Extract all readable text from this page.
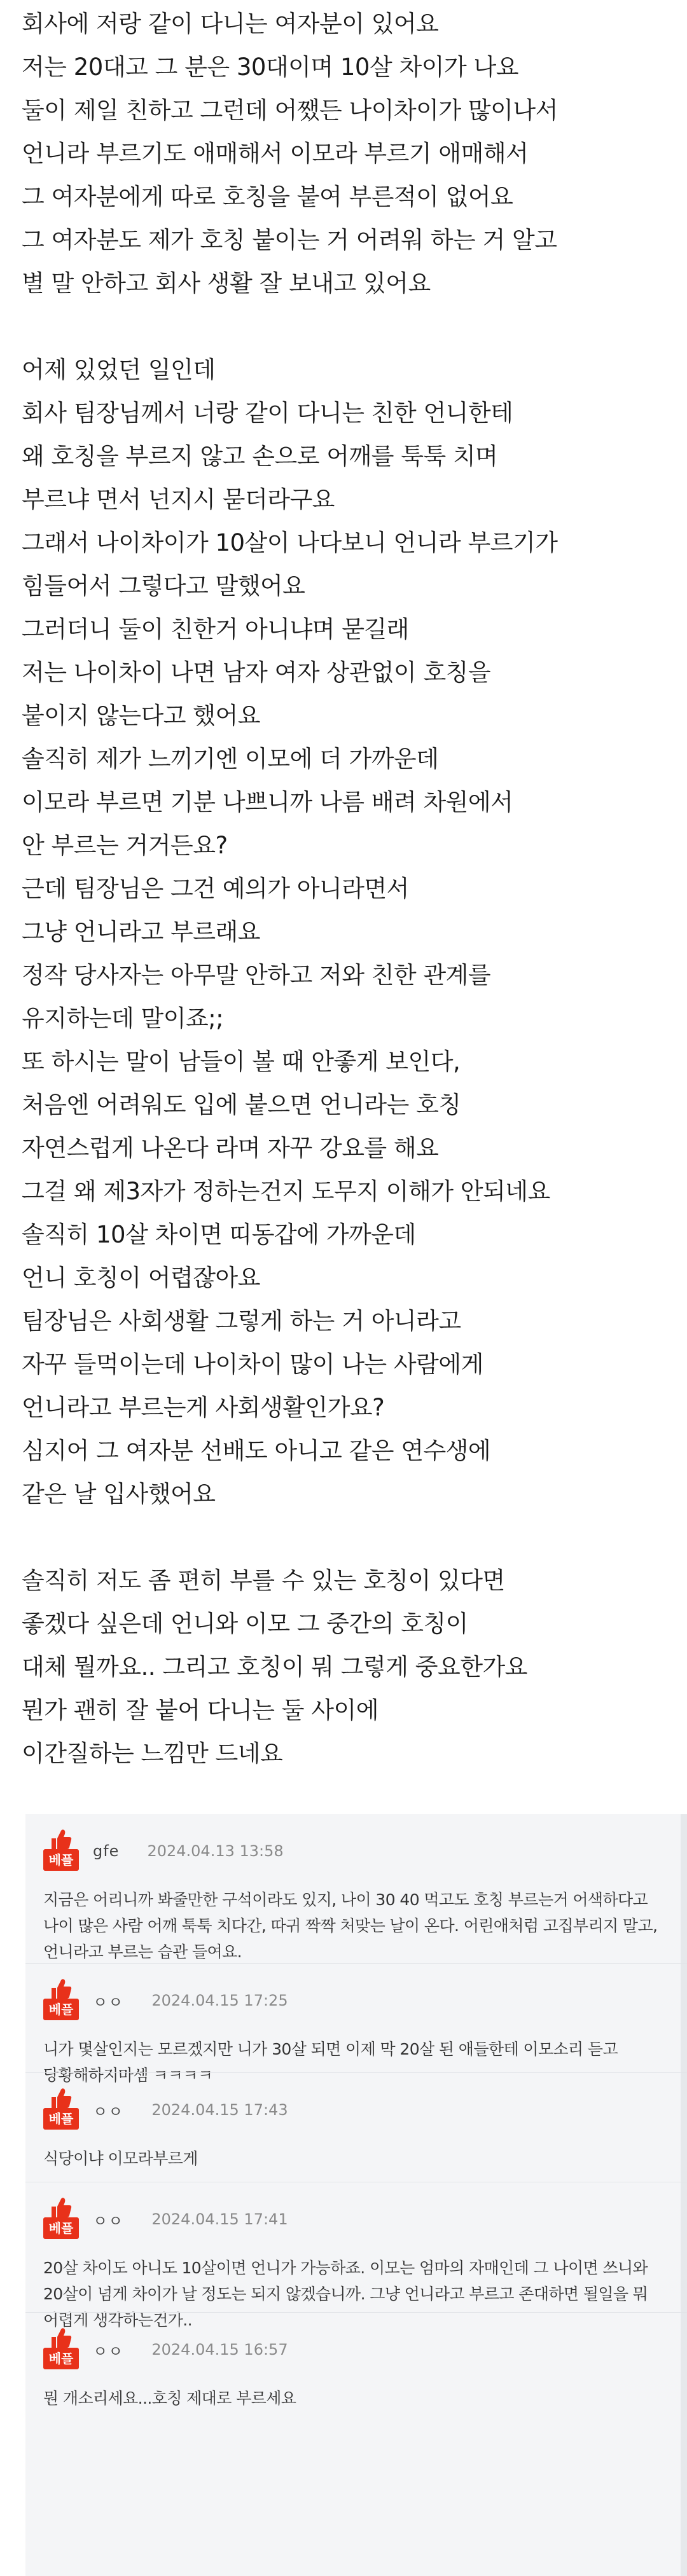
회사에 저랑 같이 다니는 여자분이 있어요

저는 20대고 그 분은 30대이며 10살 차이가 나요

둘이 제일 친하고 그런데 어쨌든 나이차이가 많이나서

언니라 부르기도 애매해서 이모라 부르기 애매해서

그 여자분에게 따로 호칭을 붙여 부른적이 없어요

그 여자분도 제가 호칭 붙이는 거 어려워 하는 거 알고

별 말 안하고 회사 생활 잘 보내고 있어요

어제 있었던 일인데

회사 팀장님께서 너랑 같이 다니는 친한 언니한테

왜 호칭을 부르지 않고 손으로 어깨를 툭툭 치며

부르냐 면서 넌지시 묻더라구요

그래서 나이차이가 10살이 나다보니 언니라 부르기가

힘들어서 그렇다고 말했어요

그러더니 둘이 친한거 아니냐며 묻길래

저는 나이차이 나면 남자 여자 상관없이 호칭을

붙이지 않는다고 했어요

솔직히 제가 느끼기엔 이모에 더 가까운데

이모라 부르면 기분 나쁘니까 나름 배려 차원에서

안 부르는 거거든요?

근데 팀장님은 그건 예의가 아니라면서

그냥 언니라고 부르래요

정작 당사자는 아무말 안하고 저와 친한 관계를

유지하는데 말이죠;;

또 하시는 말이 남들이 볼 때 안좋게 보인다,

처음엔 어려워도 입에 붙으면 언니라는 호칭

자연스럽게 나온다 라며 자꾸 강요를 해요

그걸 왜 제3자가 정하는건지 도무지 이해가 안되네요

솔직히 10살 차이면 띠동갑에 가까운데

언니 호칭이 어렵잖아요

팀장님은 사회생활 그렇게 하는 거 아니라고

자꾸 들먹이는데 나이차이 많이 나는 사람에게

언니라고 부르는게 사회생활인가요?

심지어 그 여자분 선배도 아니고 같은 연수생에

같은 날 입사했어요

솔직히 저도 좀 편히 부를 수 있는 호칭이 있다면

좋겠다 싶은데 언니와 이모 그 중간의 호칭이

대체 뭘까요.. 그리고 호칭이 뭐 그렇게 중요한가요

뭔가 괜히 잘 붙어 다니는 둘 사이에

이간질하는 느낌만 드네요

베플	gfe 2024.04.13 13:58
지금은 어리니까 봐줄만한 구석이라도 있지, 나이 30 40 먹고도 호칭 부르는거 어색하다고 나이 많은 사람 어깨 툭툭 치다간, 따귀 짝짝 처맞는 날이 온다. 어린애처럼 고집부리지 말고, 언니라고 부르는 습관 들여요.
베플	ㅇㅇ 2024.04.15 17:25
니가 몇살인지는 모르겠지만 니가 30살 되면 이제 막 20살 된 애들한테 이모소리 듣고 당황해하지마셈 ㅋㅋㅋㅋ
베플	ㅇㅇ 2024.04.15 17:43
식당이냐 이모라부르게
베플	ㅇㅇ 2024.04.15 17:41
20살 차이도 아니도 10살이면 언니가 가능하죠. 이모는 엄마의 자매인데 그 나이면 쓰니와 20살이 넘게 차이가 날 정도는 되지 않겠습니까. 그냥 언니라고 부르고 존대하면 될일을 뭐 어렵게 생각하는건가..
베플	ㅇㅇ 2024.04.15 16:57
뭔 개소리세요...호칭 제대로 부르세요
